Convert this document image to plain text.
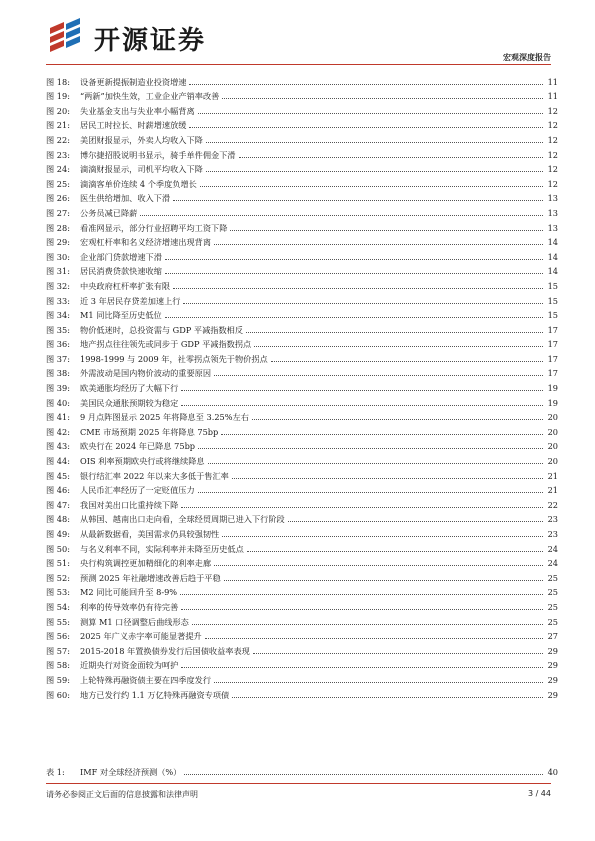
开源证券
宏观深度报告
图 18:	设备更新提振制造业投资增速	11
图 19:	“两新”加快生效，工业企业产销率改善	11
图 20:	失业基金支出与失业率小幅背离	12
图 21:	居民工时拉长、时薪增速放缓	12
图 22:	美团财报显示，外卖人均收入下降	12
图 23:	博尔捷招股说明书显示，骑手单件佣金下滑	12
图 24:	滴滴财报显示，司机平均收入下降	12
图 25:	滴滴客单价连续 4 个季度负增长	12
图 26:	医生供给增加、收入下滑	13
图 27:	公务员减已降薪	13
图 28:	看准网显示，部分行业招聘平均工资下降	13
图 29:	宏观杠杆率和名义经济增速出现背离	14
图 30:	企业部门贷款增速下滑	14
图 31:	居民消费贷款快速收缩	14
图 32:	中央政府杠杆率扩张有限	15
图 33:	近 3 年居民存贷差加速上行	15
图 34:	M1 同比降至历史低位	15
图 35:	物价低迷时，总投资需与 GDP 平减指数相反	17
图 36:	地产拐点往往领先或同步于 GDP 平减指数拐点	17
图 37:	1998-1999 与 2009 年，社零拐点领先于物价拐点	17
图 38:	外需波动是国内物价波动的重要原因	17
图 39:	欧美通胀均经历了大幅下行	19
图 40:	美国民众通胀预期较为稳定	19
图 41:	9 月点阵图显示 2025 年将降息至 3.25%左右	20
图 42:	CME 市场预期 2025 年将降息 75bp	20
图 43:	欧央行在 2024 年已降息 75bp	20
图 44:	OIS 利率预期欧央行或将继续降息	20
图 45:	银行结汇率 2022 年以来大多低于售汇率	21
图 46:	人民币汇率经历了一定贬值压力	21
图 47:	我国对美出口比重持续下降	22
图 48:	从韩国、越南出口走向看，全球经贸周期已进入下行阶段	23
图 49:	从最新数据看，美国需求仍具较强韧性	23
图 50:	与名义利率不同，实际利率并未降至历史低点	24
图 51:	央行构筑调控更加精细化的利率走廊	24
图 52:	预测 2025 年社融增速改善后趋于平稳	25
图 53:	M2 同比可能回升至 8-9%	25
图 54:	利率的传导效率仍有待完善	25
图 55:	测算 M1 口径调整后曲线形态	25
图 56:	2025 年广义赤字率可能显著提升	27
图 57:	2015-2018 年置换债券发行后国债收益率表现	29
图 58:	近期央行对资金面较为呵护	29
图 59:	上轮特殊再融资债主要在四季度发行	29
图 60:	地方已发行约 1.1 万亿特殊再融资专项债	29
表 1:	IMF 对全球经济预测（%）	40
请务必参阅正文后面的信息披露和法律声明	3 / 44
